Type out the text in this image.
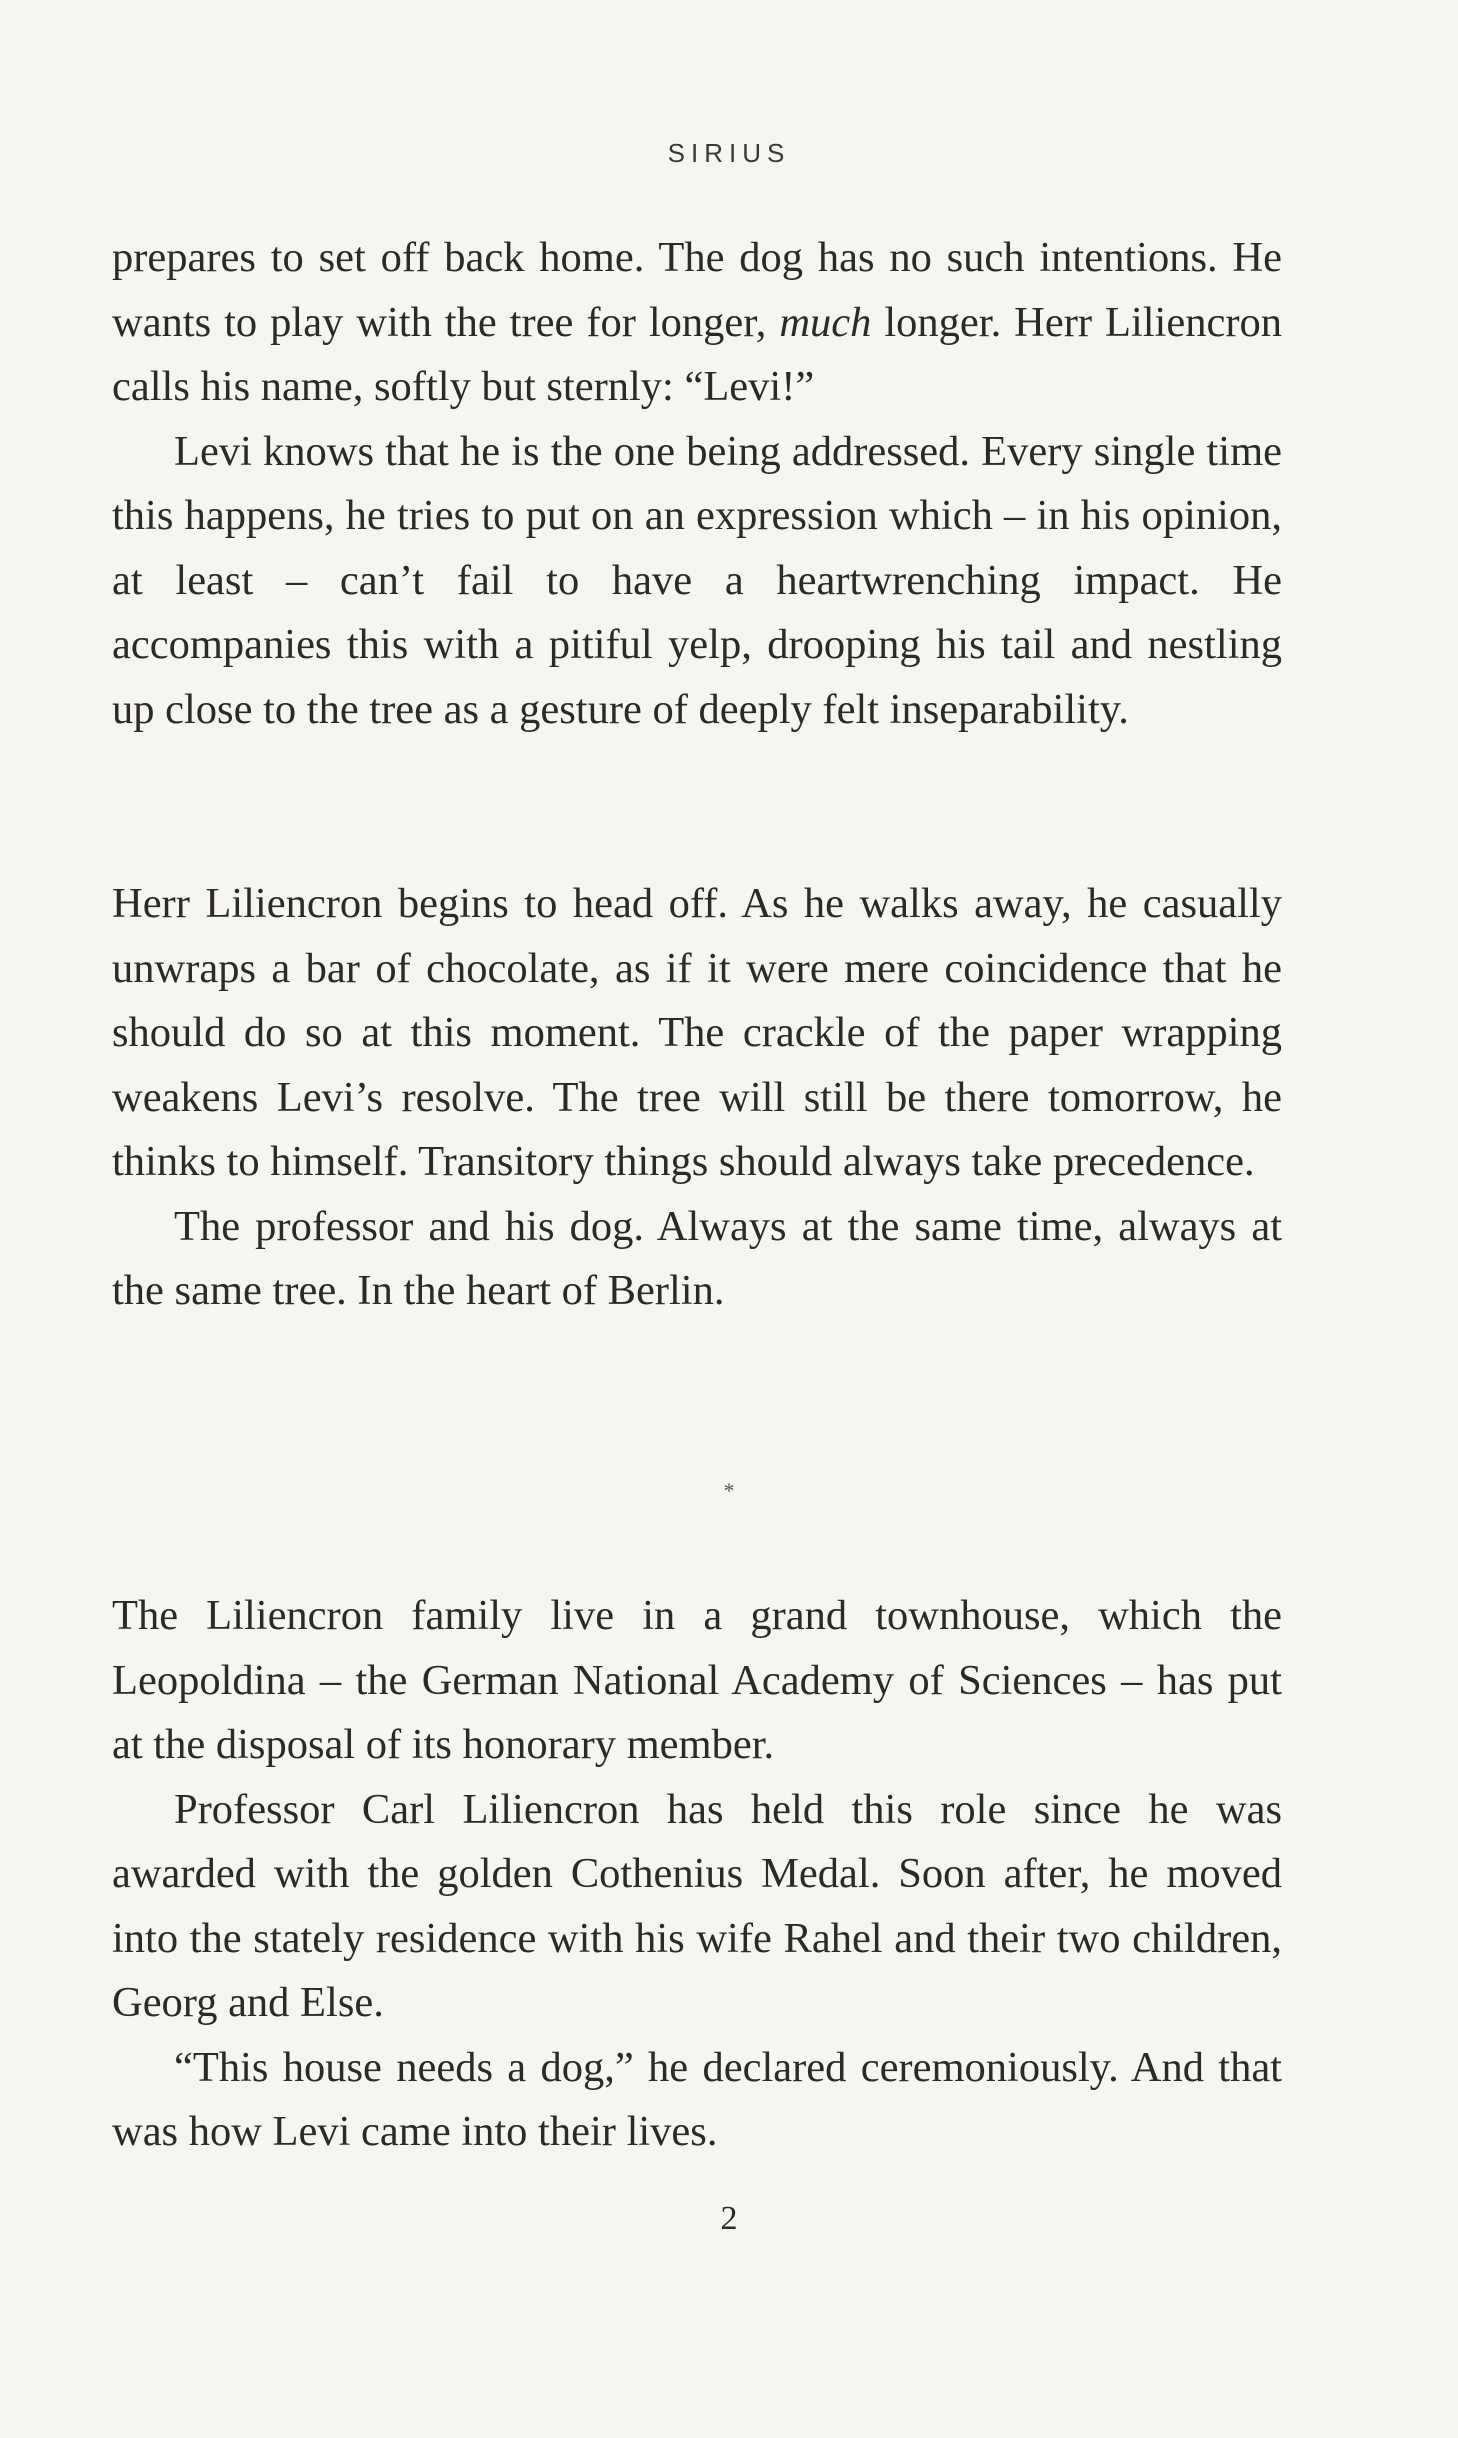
SIRIUS

prepares to set off back home. The dog has no such intentions. He wants to play with the tree for longer, much longer. Herr Liliencron calls his name, softly but sternly: “Levi!”

Levi knows that he is the one being addressed. Every single time this happens, he tries to put on an expression which – in his opinion, at least – can’t fail to have a heartwrenching impact. He accompanies this with a pitiful yelp, drooping his tail and nestling up close to the tree as a gesture of deeply felt inseparability.

Herr Liliencron begins to head off. As he walks away, he casually unwraps a bar of chocolate, as if it were mere coincidence that he should do so at this moment. The crackle of the paper wrapping weakens Levi’s resolve. The tree will still be there tomorrow, he thinks to himself. Transitory things should always take precedence.

The professor and his dog. Always at the same time, always at the same tree. In the heart of Berlin.

*

The Liliencron family live in a grand townhouse, which the Leopoldina – the German National Academy of Sciences – has put at the disposal of its honorary member.

Professor Carl Liliencron has held this role since he was awarded with the golden Cothenius Medal. Soon after, he moved into the stately residence with his wife Rahel and their two children, Georg and Else.

“This house needs a dog,” he declared ceremoniously. And that was how Levi came into their lives.

2
